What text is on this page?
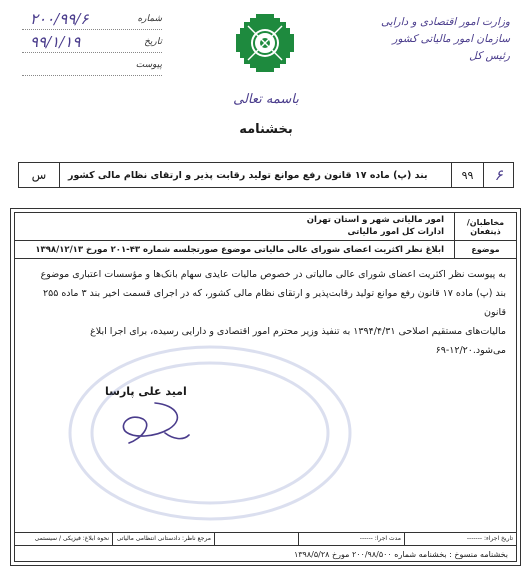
شماره
۲۰۰/۹۹/۶
تاریخ
۹۹/۱/۱۹
پیوست
وزارت امور اقتصادی و دارایی
سازمان امور مالیاتی کشور
رئیس کل
باسمه تعالی
بخشنامه
۶
۹۹
بند (پ) ماده ۱۷ قانون رفع موانع تولید رقابت پذیر و ارتقای نظام مالی کشور
س
مخاطبان/ذینفعان
امور مالیاتی شهر و استان تهران
ادارات کل امور مالیاتی
موضوع
ابلاغ نظر اکثریت اعضای شورای عالی مالیاتی موضوع صورتجلسه شماره ۴۳-۲۰۱ مورخ ۱۳۹۸/۱۲/۱۳
به پیوست نظر اکثریت اعضای شورای عالی مالیاتی در خصوص مالیات عایدی سهام بانک‌ها و مؤسسات اعتباری موضوع
بند (پ) ماده ۱۷ قانون رفع موانع تولید رقابت‌پذیر و ارتقای نظام مالی کشور، که در اجرای قسمت اخیر بند ۳ ماده ۲۵۵ قانون
مالیات‌های مستقیم اصلاحی ۱۳۹۴/۴/۳۱ به تنفیذ وزیر محترم امور اقتصادی و دارایی رسیده، برای اجرا ابلاغ می‌شود.۱۲/۲۰-۶۹
امید علی پارسا
تاریخ اجراء: -------
مدت اجرا: ------
مرجع ناظر: دادستانی انتظامی مالیاتی
نحوه ابلاغ: فیزیکی / سیستمی
بخشنامه منسوخ : بخشنامه شماره ۲۰۰/۹۸/۵۰۰ مورخ ۱۳۹۸/۵/۲۸
